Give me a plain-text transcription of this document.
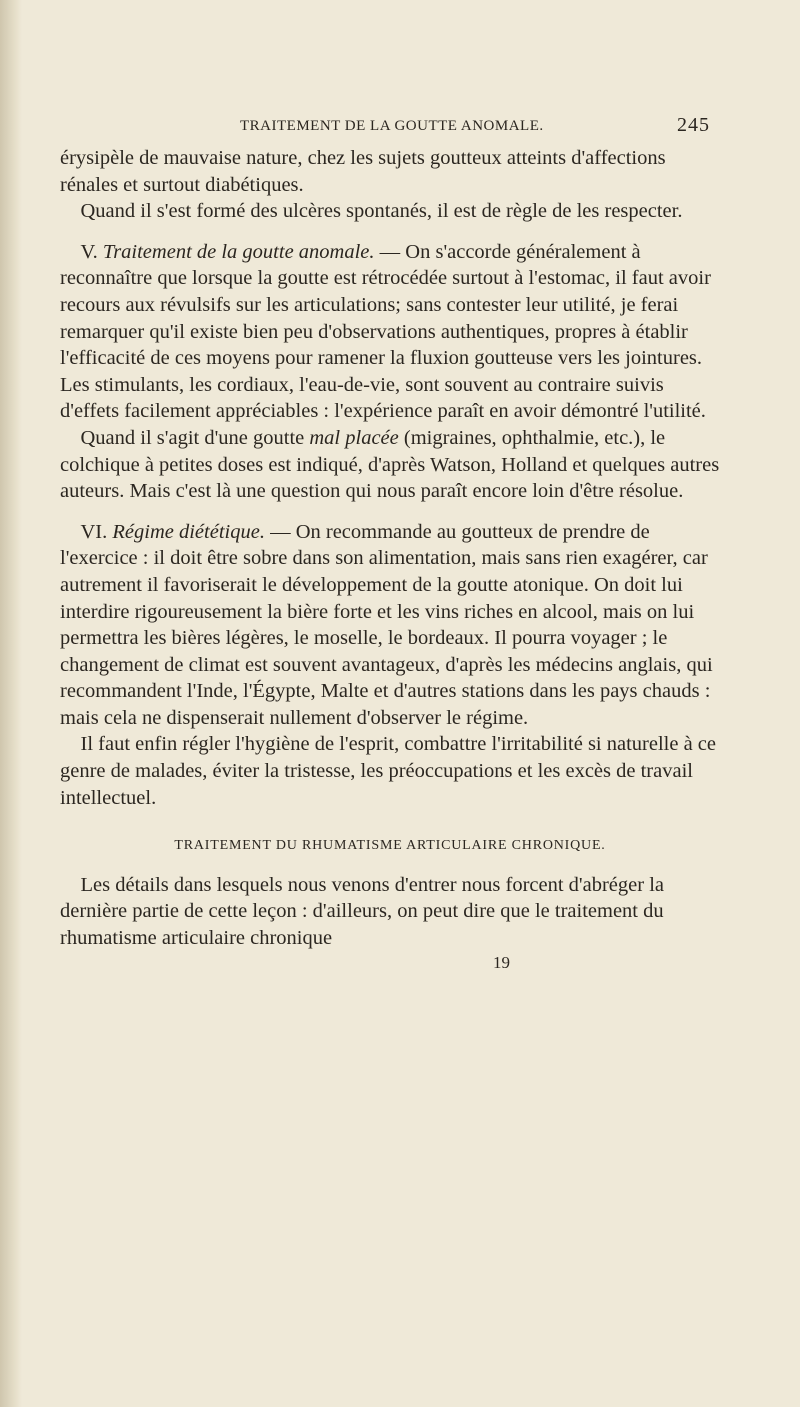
TRAITEMENT DE LA GOUTTE ANOMALE.	245

érysipèle de mauvaise nature, chez les sujets goutteux atteints d'affections rénales et surtout diabétiques.

 Quand il s'est formé des ulcères spontanés, il est de règle de les respecter.

 V. Traitement de la goutte anomale. — On s'accorde généralement à reconnaître que lorsque la goutte est rétrocédée surtout à l'estomac, il faut avoir recours aux révulsifs sur les articulations; sans contester leur utilité, je ferai remarquer qu'il existe bien peu d'observations authentiques, propres à établir l'efficacité de ces moyens pour ramener la fluxion goutteuse vers les jointures. Les stimulants, les cordiaux, l'eau-de-vie, sont souvent au contraire suivis d'effets facilement appréciables : l'expérience paraît en avoir démontré l'utilité.

 Quand il s'agit d'une goutte mal placée (migraines, ophthalmie, etc.), le colchique à petites doses est indiqué, d'après Watson, Holland et quelques autres auteurs. Mais c'est là une question qui nous paraît encore loin d'être résolue.

 VI. Régime diététique. — On recommande au goutteux de prendre de l'exercice : il doit être sobre dans son alimentation, mais sans rien exagérer, car autrement il favoriserait le développement de la goutte atonique. On doit lui interdire rigoureusement la bière forte et les vins riches en alcool, mais on lui permettra les bières légères, le moselle, le bordeaux. Il pourra voyager ; le changement de climat est souvent avantageux, d'après les médecins anglais, qui recommandent l'Inde, l'Égypte, Malte et d'autres stations dans les pays chauds : mais cela ne dispenserait nullement d'observer le régime.

 Il faut enfin régler l'hygiène de l'esprit, combattre l'irritabilité si naturelle à ce genre de malades, éviter la tristesse, les préoccupations et les excès de travail intellectuel.

TRAITEMENT DU RHUMATISME ARTICULAIRE CHRONIQUE.

 Les détails dans lesquels nous venons d'entrer nous forcent d'abréger la dernière partie de cette leçon : d'ailleurs, on peut dire que le traitement du rhumatisme articulaire chronique

19
